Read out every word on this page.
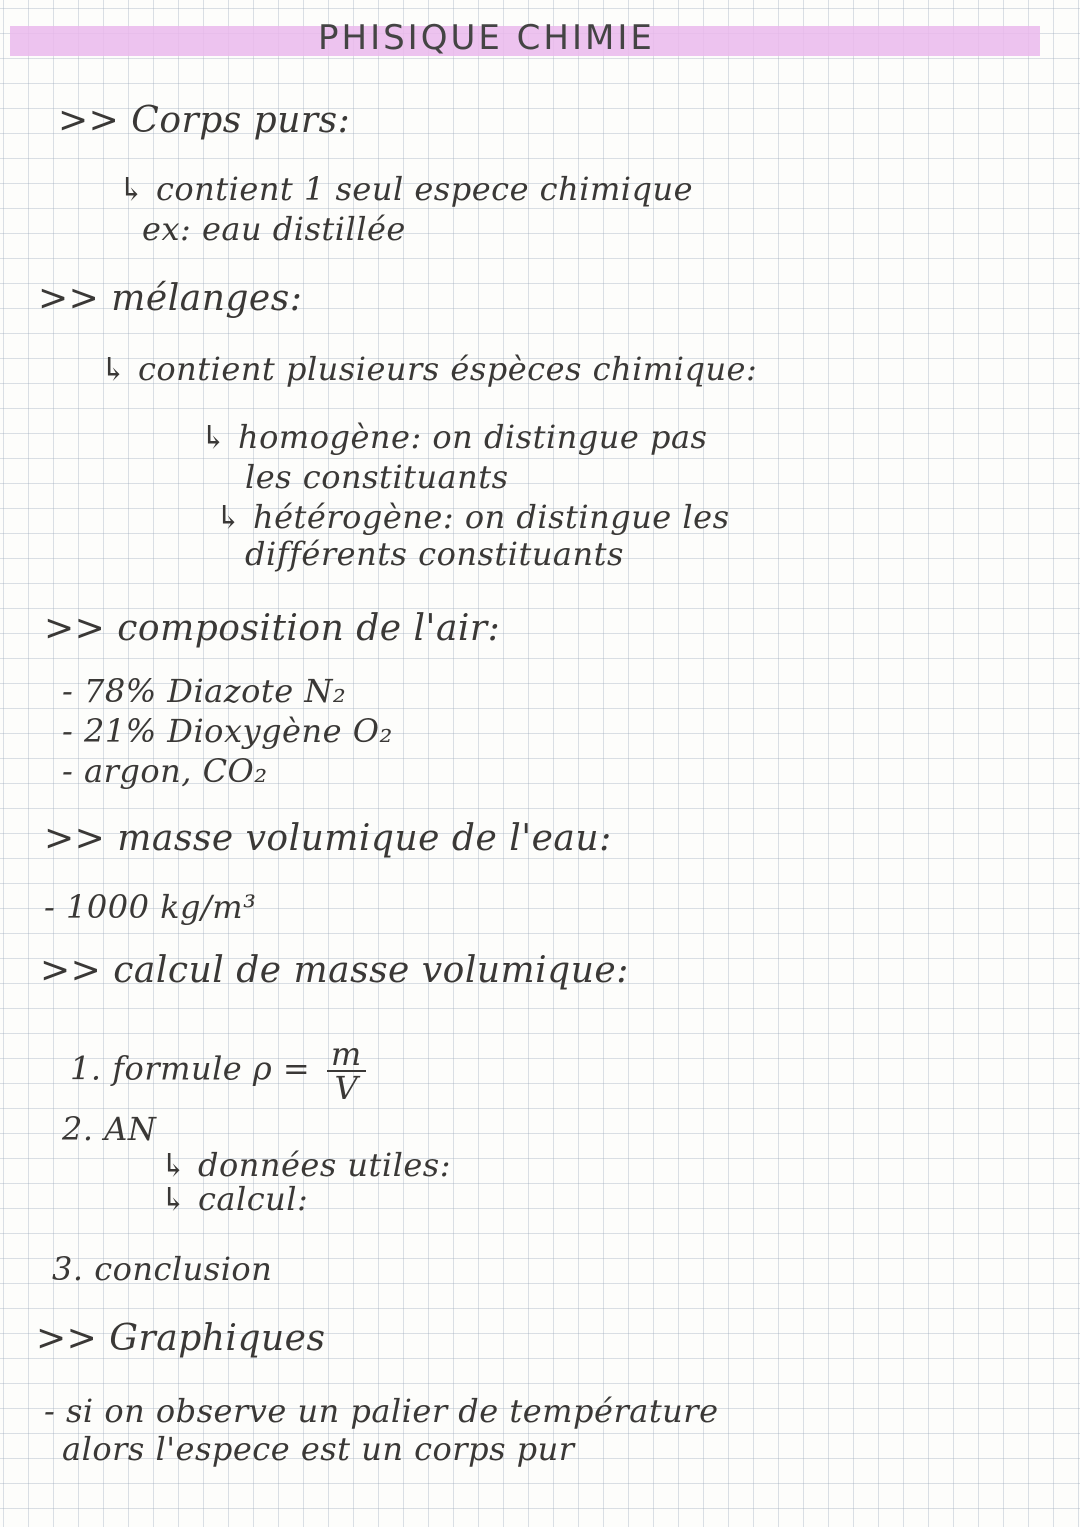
PHISIQUE CHIMIE
>> Corps purs:
↳ contient 1 seul espece chimique
ex: eau distillée
>> mélanges:
↳ contient plusieurs éspèces chimique:
↳ homogène: on distingue pas
les constituants
↳ hétérogène: on distingue les
différents constituants
>> composition de l'air:
- 78% Diazote N₂
- 21% Dioxygène O₂
- argon, CO₂
>> masse volumique de l'eau:
- 1000 kg/m³
>> calcul de masse volumique:
1. formule $\rho = \frac{m}{V}$
2. AN
↳ données utiles:
↳ calcul:
3. conclusion
>> Graphiques
- si on observe un palier de température
alors l'espece est un corps pur
